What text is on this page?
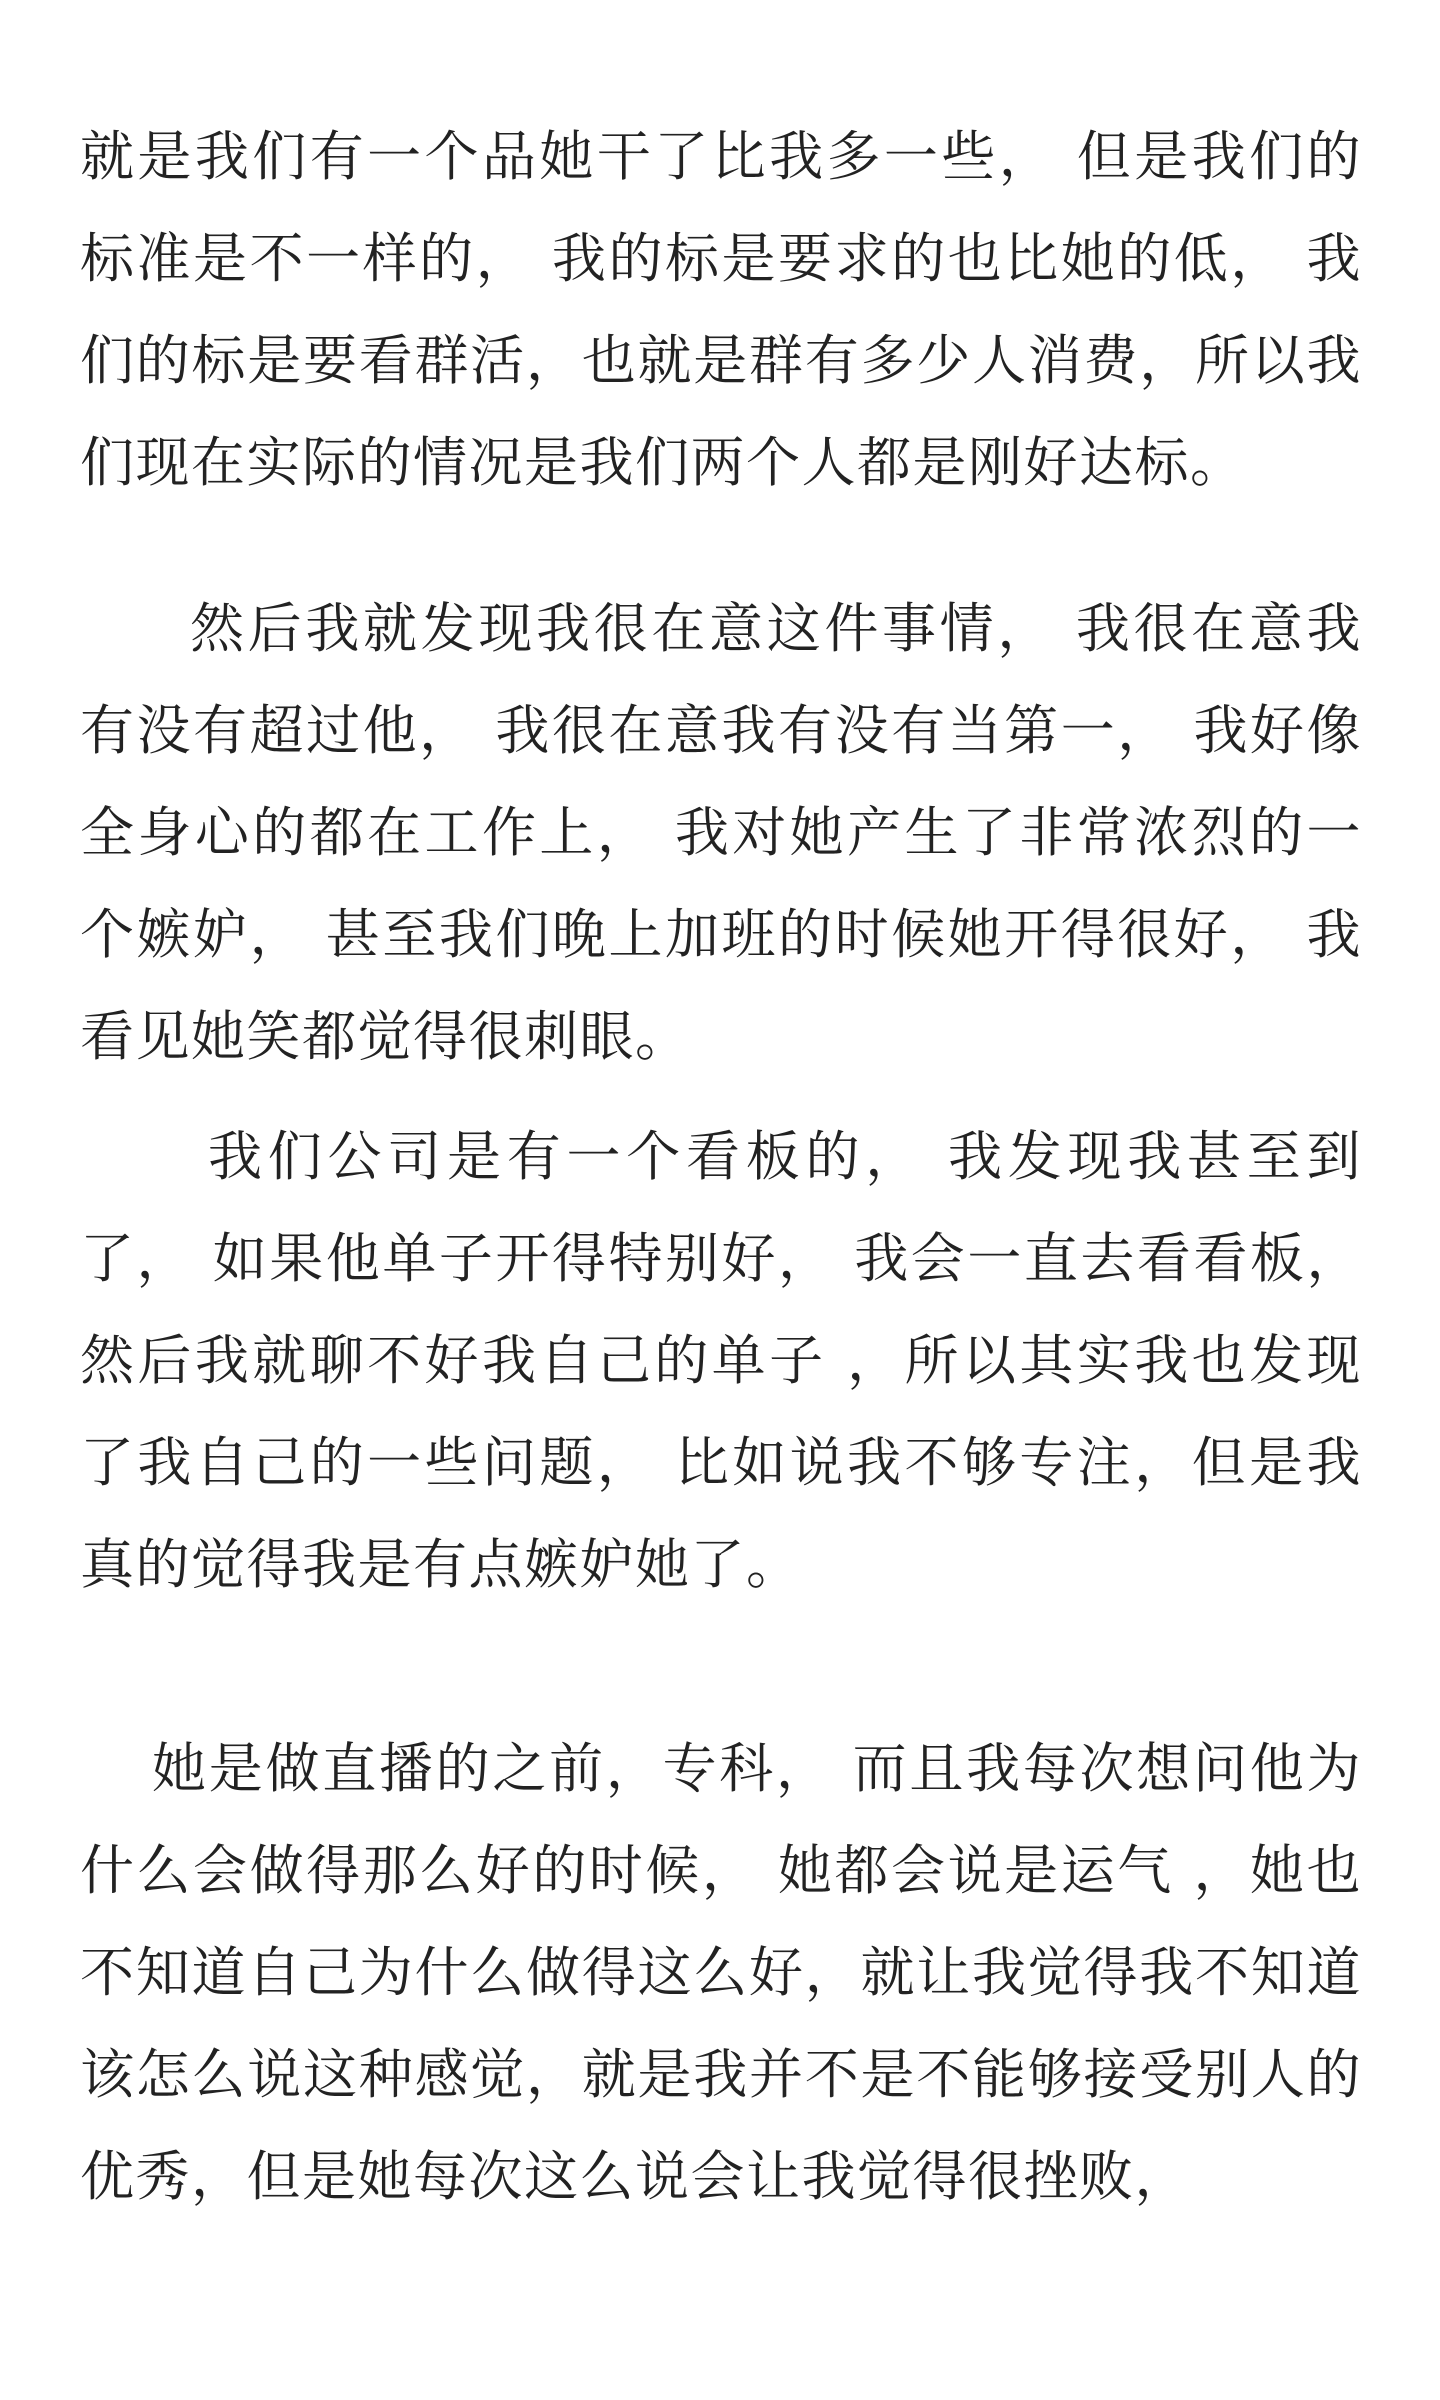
就是我们有一个品她干了比我多一些， 但是我们的标准是不一样的， 我的标是要求的也比她的低， 我们的标是要看群活，也就是群有多少人消费，所以我们现在实际的情况是我们两个人都是刚好达标。

然后我就发现我很在意这件事情， 我很在意我有没有超过他， 我很在意我有没有当第一， 我好像全身心的都在工作上， 我对她产生了非常浓烈的一个嫉妒， 甚至我们晚上加班的时候她开得很好， 我看见她笑都觉得很刺眼。

我们公司是有一个看板的， 我发现我甚至到了， 如果他单子开得特别好， 我会一直去看看板， 然后我就聊不好我自己的单子 ，所以其实我也发现了我自己的一些问题， 比如说我不够专注，但是我真的觉得我是有点嫉妒她了。

她是做直播的之前，专科， 而且我每次想问他为什么会做得那么好的时候， 她都会说是运气 ，她也不知道自己为什么做得这么好，就让我觉得我不知道该怎么说这种感觉，就是我并不是不能够接受别人的优秀，但是她每次这么说会让我觉得很挫败，
